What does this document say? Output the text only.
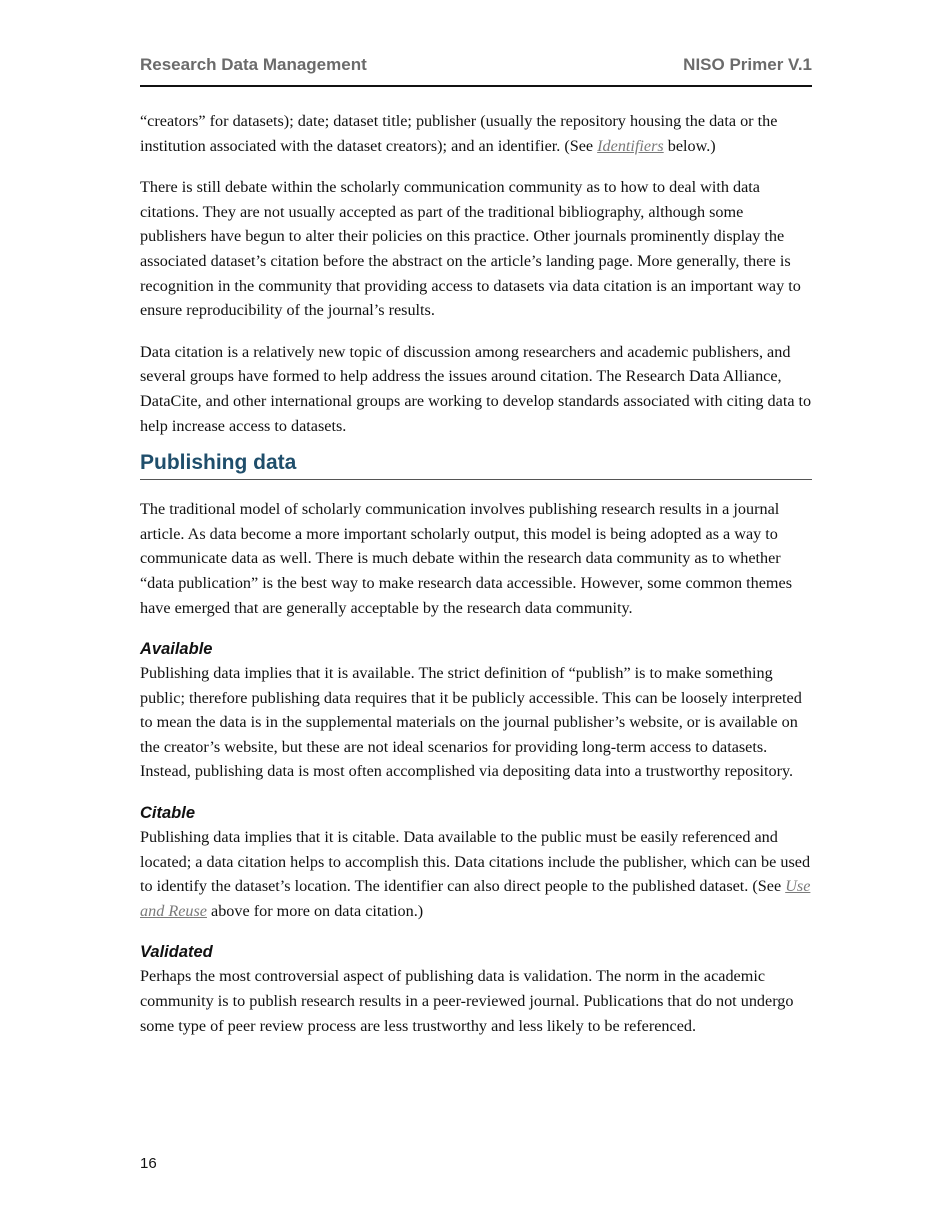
Research Data Management	NISO Primer V.1

“creators” for datasets); date; dataset title; publisher (usually the repository housing the data or the institution associated with the dataset creators); and an identifier. (See Identifiers below.)

There is still debate within the scholarly communication community as to how to deal with data citations. They are not usually accepted as part of the traditional bibliography, although some publishers have begun to alter their policies on this practice. Other journals prominently display the associated dataset’s citation before the abstract on the article’s landing page. More generally, there is recognition in the community that providing access to datasets via data citation is an important way to ensure reproducibility of the journal’s results.

Data citation is a relatively new topic of discussion among researchers and academic publishers, and several groups have formed to help address the issues around citation. The Research Data Alliance, DataCite, and other international groups are working to develop standards associated with citing data to help increase access to datasets.

Publishing data

The traditional model of scholarly communication involves publishing research results in a journal article. As data become a more important scholarly output, this model is being adopted as a way to communicate data as well. There is much debate within the research data community as to whether “data publication” is the best way to make research data accessible. However, some common themes have emerged that are generally acceptable by the research data community.

Available

Publishing data implies that it is available. The strict definition of “publish” is to make something public; therefore publishing data requires that it be publicly accessible. This can be loosely interpreted to mean the data is in the supplemental materials on the journal publisher’s website, or is available on the creator’s website, but these are not ideal scenarios for providing long-term access to datasets. Instead, publishing data is most often accomplished via depositing data into a trustworthy repository.

Citable

Publishing data implies that it is citable. Data available to the public must be easily referenced and located; a data citation helps to accomplish this. Data citations include the publisher, which can be used to identify the dataset’s location. The identifier can also direct people to the published dataset. (See Use and Reuse above for more on data citation.)

Validated

Perhaps the most controversial aspect of publishing data is validation. The norm in the academic community is to publish research results in a peer-reviewed journal. Publications that do not undergo some type of peer review process are less trustworthy and less likely to be referenced.

16
